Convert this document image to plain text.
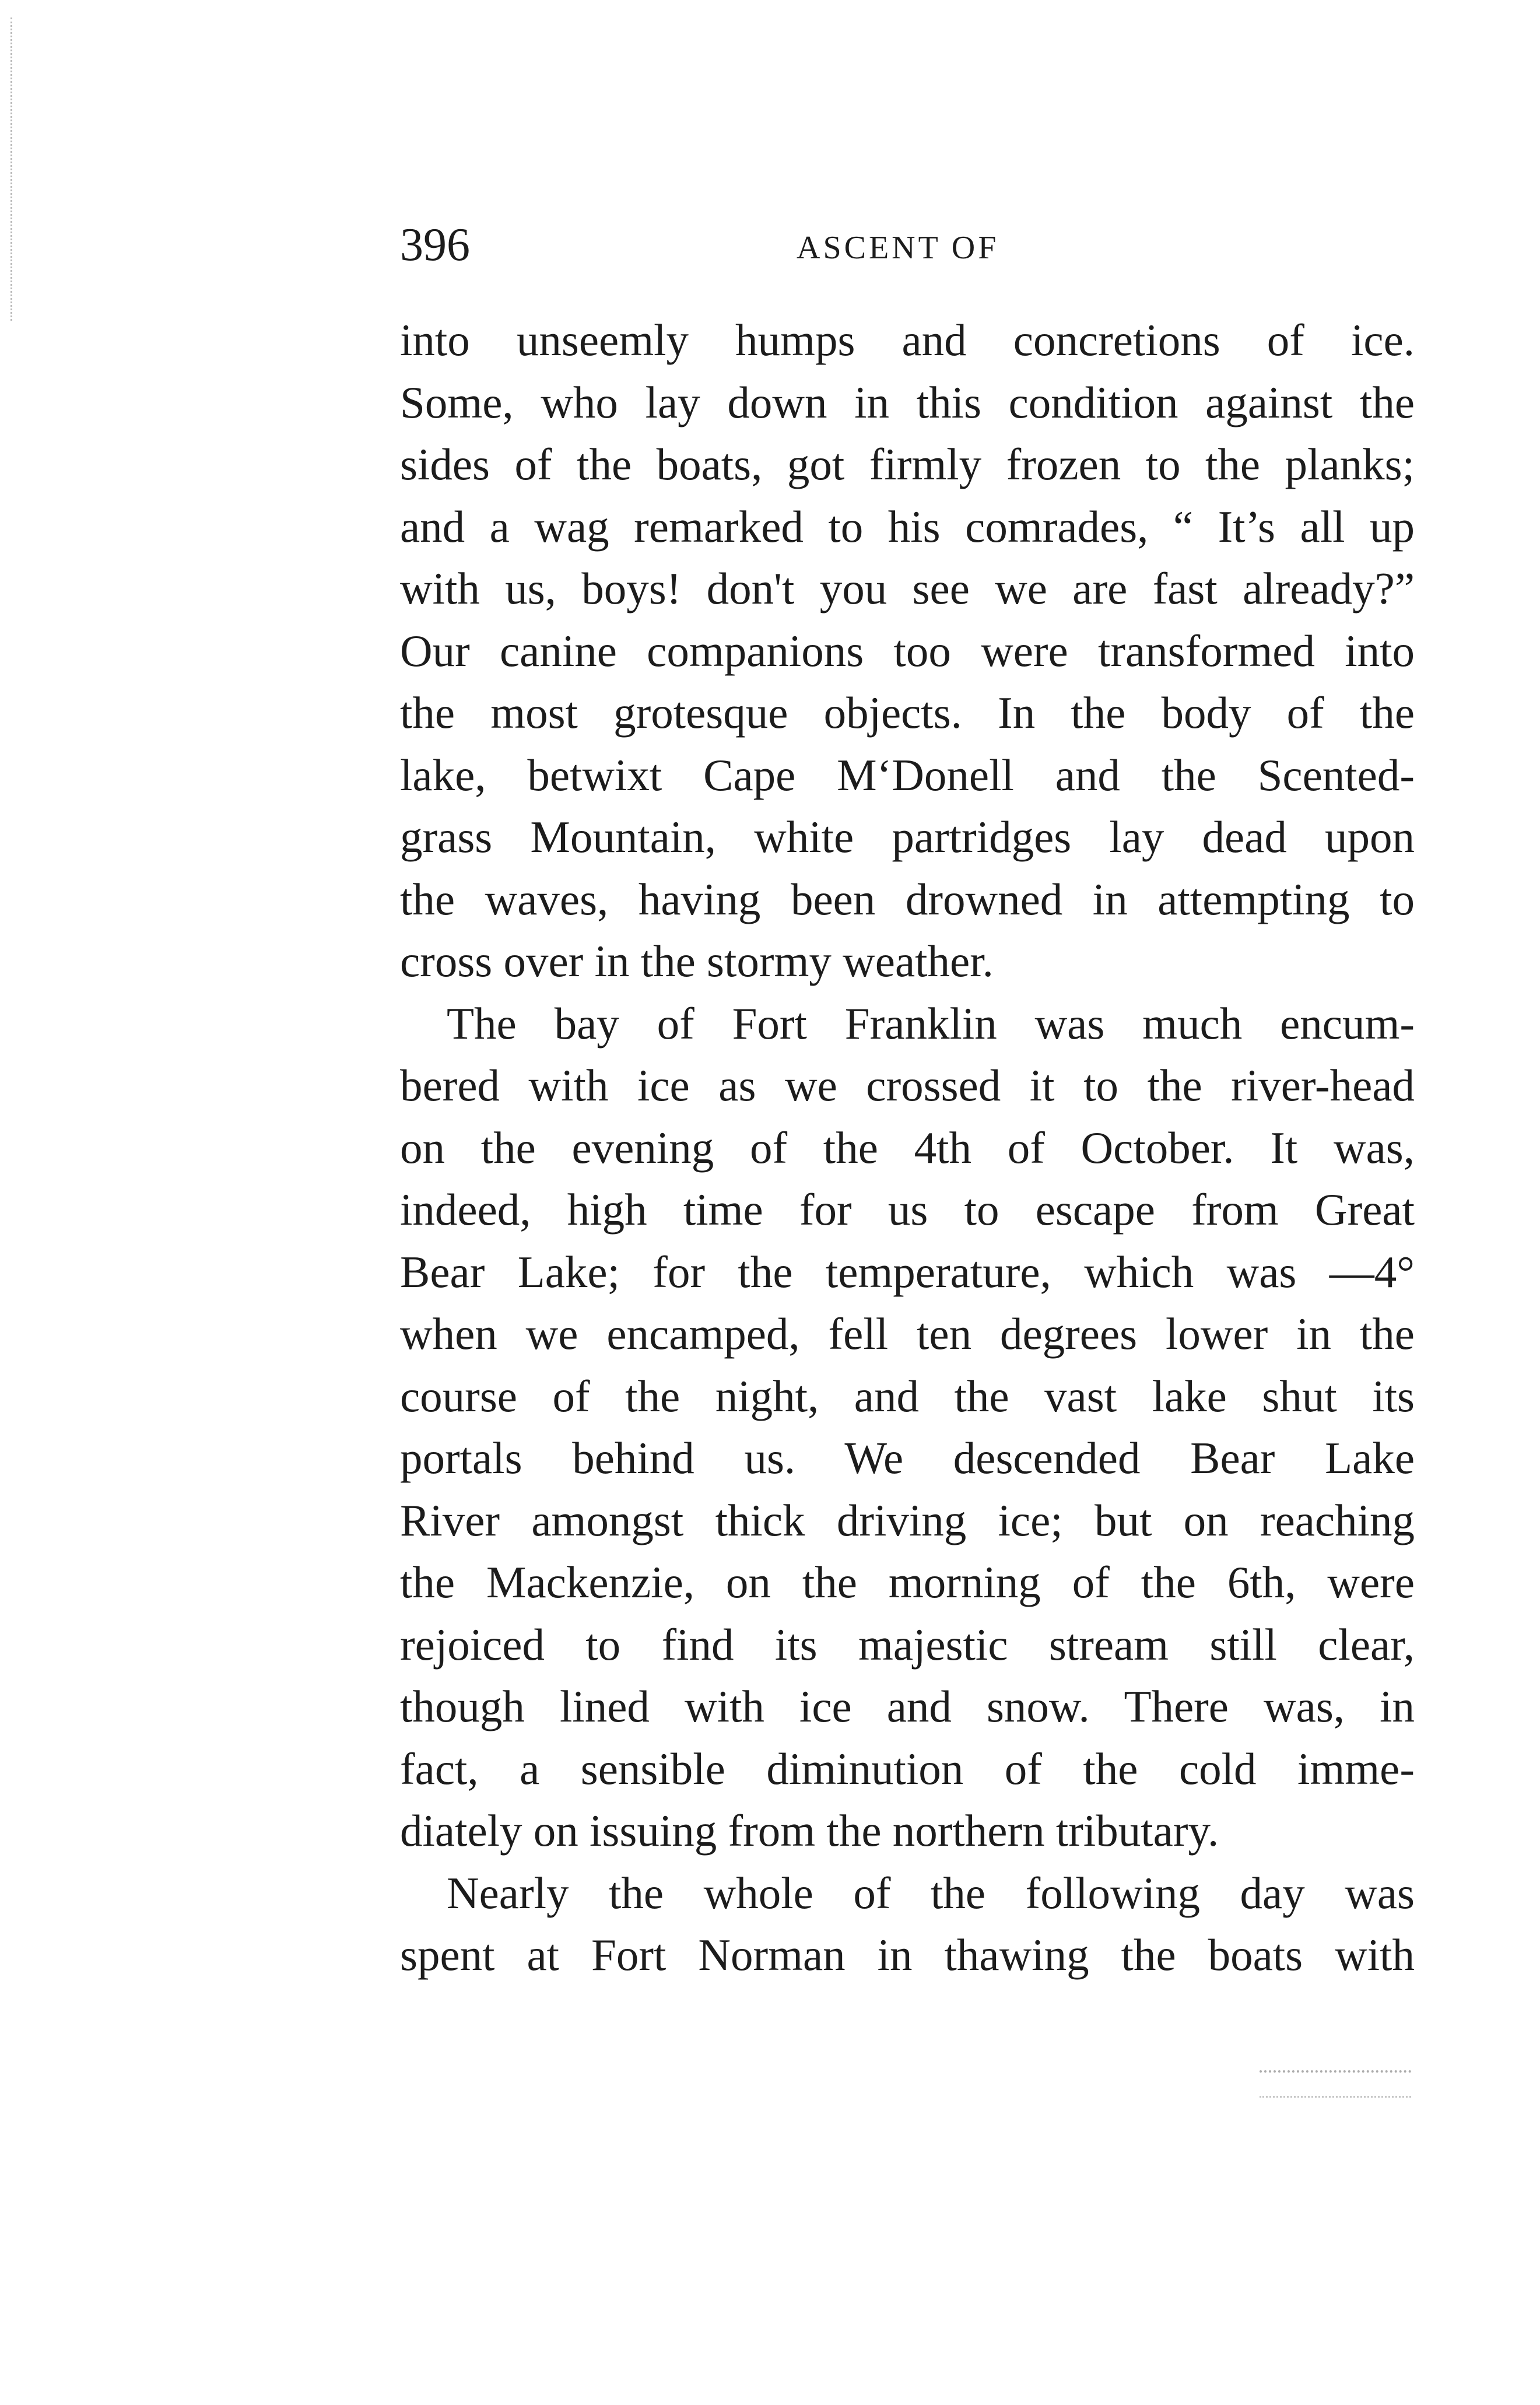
396	ASCENT OF
into unseemly humps and concretions of ice.
Some, who lay down in this condition against the
sides of the boats, got firmly frozen to the planks;
and a wag remarked to his comrades, “ It’s all up
with us, boys! don't you see we are fast already?”
Our canine companions too were transformed into
the most grotesque objects. In the body of the
lake, betwixt Cape M‘Donell and the Scented-
grass Mountain, white partridges lay dead upon
the waves, having been drowned in attempting to
cross over in the stormy weather.
The bay of Fort Franklin was much encum-
bered with ice as we crossed it to the river-head
on the evening of the 4th of October. It was,
indeed, high time for us to escape from Great
Bear Lake; for the temperature, which was —4°
when we encamped, fell ten degrees lower in the
course of the night, and the vast lake shut its
portals behind us. We descended Bear Lake
River amongst thick driving ice; but on reaching
the Mackenzie, on the morning of the 6th, were
rejoiced to find its majestic stream still clear,
though lined with ice and snow. There was, in
fact, a sensible diminution of the cold imme-
diately on issuing from the northern tributary.
Nearly the whole of the following day was
spent at Fort Norman in thawing the boats with
